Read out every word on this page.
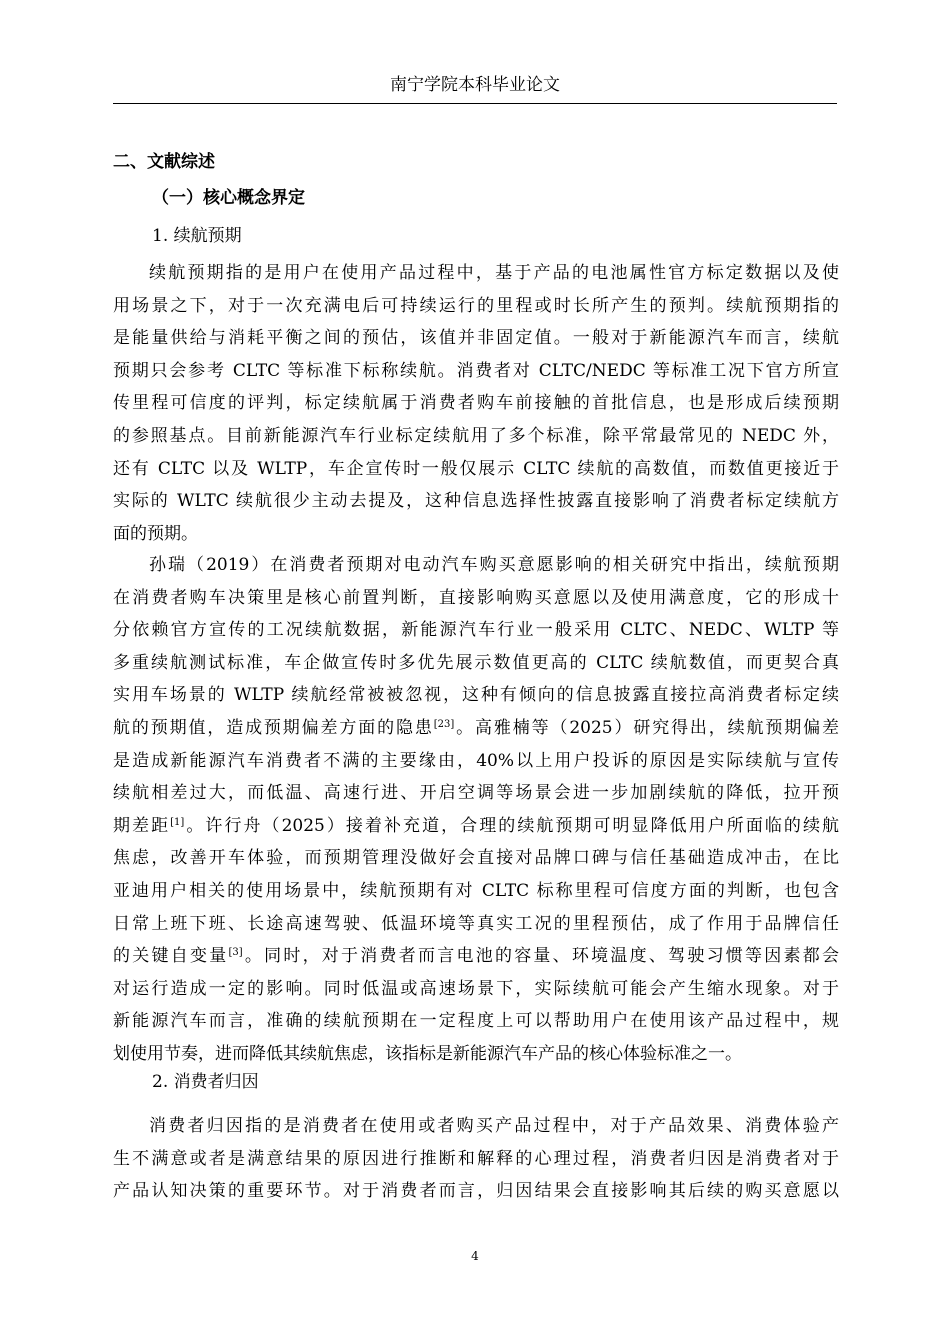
南宁学院本科毕业论文
二、文献综述
（一）核心概念界定
1. 续航预期
续航预期指的是用户在使用产品过程中，基于产品的电池属性官方标定数据以及使
用场景之下，对于一次充满电后可持续运行的里程或时长所产生的预判。续航预期指的
是能量供给与消耗平衡之间的预估，该值并非固定值。一般对于新能源汽车而言，续航
预期只会参考 CLTC 等标准下标称续航。消费者对 CLTC/NEDC 等标准工况下官方所宣
传里程可信度的评判，标定续航属于消费者购车前接触的首批信息，也是形成后续预期
的参照基点。目前新能源汽车行业标定续航用了多个标准，除平常最常见的 NEDC 外，
还有 CLTC 以及 WLTP，车企宣传时一般仅展示 CLTC 续航的高数值，而数值更接近于
实际的 WLTC 续航很少主动去提及，这种信息选择性披露直接影响了消费者标定续航方
面的预期。
孙瑞（2019）在消费者预期对电动汽车购买意愿影响的相关研究中指出，续航预期
在消费者购车决策里是核心前置判断，直接影响购买意愿以及使用满意度，它的形成十
分依赖官方宣传的工况续航数据，新能源汽车行业一般采用 CLTC、NEDC、WLTP 等
多重续航测试标准，车企做宣传时多优先展示数值更高的 CLTC 续航数值，而更契合真
实用车场景的 WLTP 续航经常被被忽视，这种有倾向的信息披露直接拉高消费者标定续
航的预期值，造成预期偏差方面的隐患[23]。高雅楠等（2025）研究得出，续航预期偏差
是造成新能源汽车消费者不满的主要缘由，40%以上用户投诉的原因是实际续航与宣传
续航相差过大，而低温、高速行进、开启空调等场景会进一步加剧续航的降低，拉开预
期差距[1]。许行舟（2025）接着补充道，合理的续航预期可明显降低用户所面临的续航
焦虑，改善开车体验，而预期管理没做好会直接对品牌口碑与信任基础造成冲击，在比
亚迪用户相关的使用场景中，续航预期有对 CLTC 标称里程可信度方面的判断，也包含
日常上班下班、长途高速驾驶、低温环境等真实工况的里程预估，成了作用于品牌信任
的关键自变量[3]。同时，对于消费者而言电池的容量、环境温度、驾驶习惯等因素都会
对运行造成一定的影响。同时低温或高速场景下，实际续航可能会产生缩水现象。对于
新能源汽车而言，准确的续航预期在一定程度上可以帮助用户在使用该产品过程中，规
划使用节奏，进而降低其续航焦虑，该指标是新能源汽车产品的核心体验标准之一。
2. 消费者归因
消费者归因指的是消费者在使用或者购买产品过程中，对于产品效果、消费体验产
生不满意或者是满意结果的原因进行推断和解释的心理过程，消费者归因是消费者对于
产品认知决策的重要环节。对于消费者而言，归因结果会直接影响其后续的购买意愿以
4
